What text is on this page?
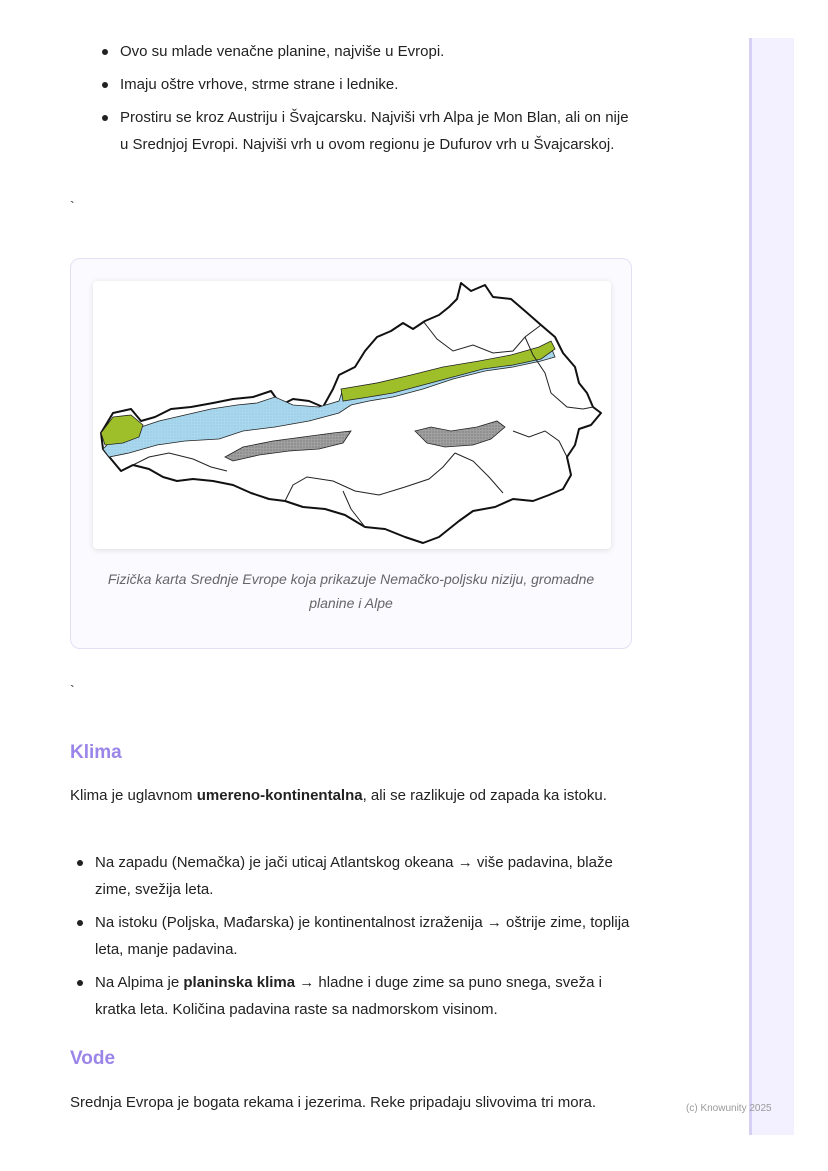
Ovo su mlade venačne planine, najviše u Evropi.
Imaju oštre vrhove, strme strane i lednike.
Prostiru se kroz Austriju i Švajcarsku. Najviši vrh Alpa je Mon Blan, ali on nije u Srednjoj Evropi. Najviši vrh u ovom regionu je Dufurov vrh u Švajcarskoj.
`
Fizička karta Srednje Evrope koja prikazuje Nemačko-poljsku niziju, gromadne planine i Alpe
`
Klima

Klima je uglavnom umereno-kontinentalna, ali se razlikuje od zapada ka istoku.

Na zapadu (Nemačka) je jači uticaj Atlantskog okeana → više padavina, blaže zime, svežija leta.
Na istoku (Poljska, Mađarska) je kontinentalnost izraženija → oštrije zime, toplija leta, manje padavina.
Na Alpima je planinska klima → hladne i duge zime sa puno snega, sveža i kratka leta. Količina padavina raste sa nadmorskom visinom.
Vode

Srednja Evropa je bogata rekama i jezerima. Reke pripadaju slivovima tri mora.	(c) Knowunity 2025
